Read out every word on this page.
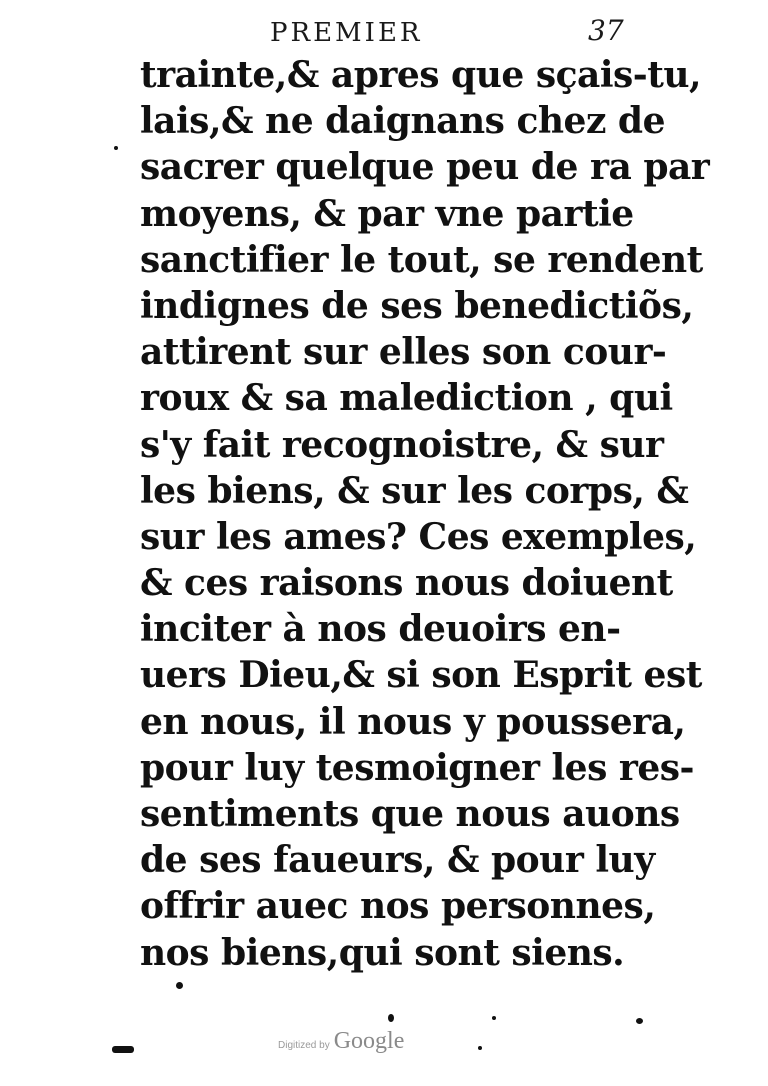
PREMIER	37
trainte,& apres que sçais-tu,
lais,& ne daignans chez de
sacrer quelque peu de ra par
moyens, & par vne partie
sanctifier le tout, se rendent
indignes de ses benedictiõs,
attirent sur elles son cour-
roux & sa malediction , qui
s'y fait recognoistre, & sur
les biens, & sur les corps, &
sur les ames? Ces exemples,
& ces raisons nous doiuent
inciter à nos deuoirs en-
uers Dieu,& si son Esprit est
en nous, il nous y poussera,
pour luy tesmoigner les res-
sentiments que nous auons
de ses faueurs, & pour luy
offrir auec nos personnes,
nos biens,qui sont siens.
Digitized by Google
